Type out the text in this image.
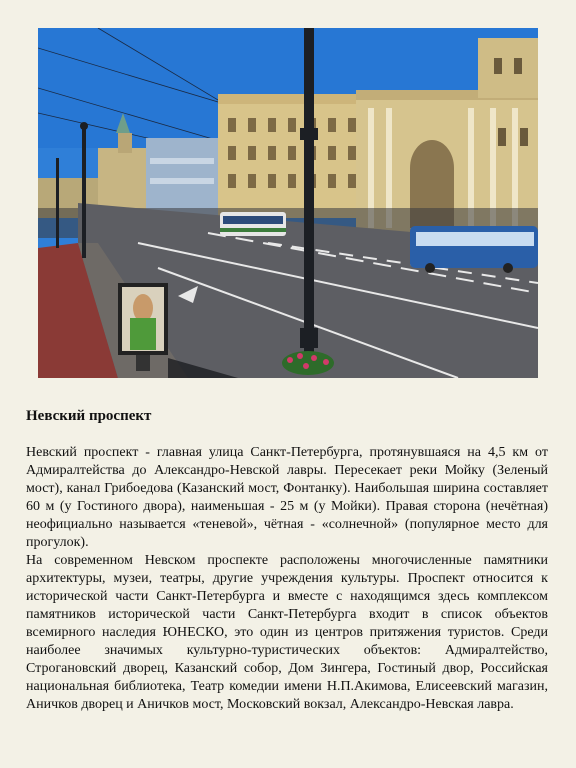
Невский проспект

Невский проспект - главная улица Санкт-Петербурга, протянувшаяся на 4,5 км от Адмиралтейства до Александро-Невской лавры. Пересекает реки Мойку (Зеленый мост), канал Грибоедова (Казанский мост, Фонтанку). Наибольшая ширина составляет 60 м (у Гостиного двора), наименьшая - 25 м (у Мойки). Правая сторона (нечётная) неофициально называется «теневой», чётная - «солнечной» (популярное место для прогулок).

На современном Невском проспекте расположены многочисленные памятники архитектуры, музеи, театры, другие учреждения культуры. Проспект относится к исторической части Санкт-Петербурга и вместе с находящимся здесь комплексом памятников исторической части Санкт-Петербурга входит в список объектов всемирного наследия ЮНЕСКО, это один из центров притяжения туристов. Среди наиболее значимых культурно-туристических объектов: Адмиралтейство, Строгановский дворец, Казанский собор, Дом Зингера, Гостиный двор, Российская национальная библиотека, Театр комедии имени Н.П.Акимова, Елисеевский магазин, Аничков дворец и Аничков мост, Московский вокзал, Александро-Невская лавра.
